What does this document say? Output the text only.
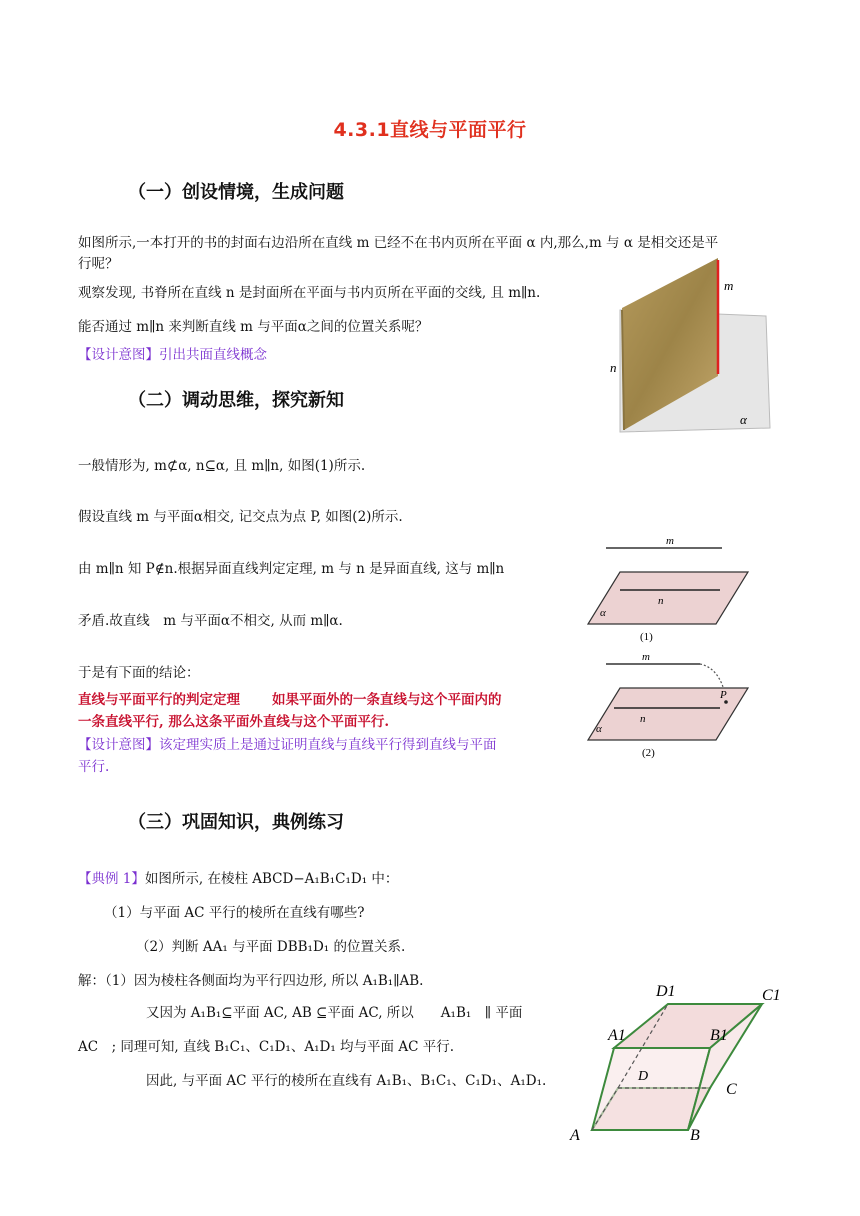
4.3.1直线与平面平行
（一）创设情境，生成问题
如图所示,一本打开的书的封面右边沿所在直线 m 已经不在书内页所在平面 α 内,那么,m 与 α 是相交还是平
行呢？
观察发现, 书脊所在直线 n 是封面所在平面与书内页所在平面的交线, 且 m∥n.
能否通过 m∥n 来判断直线 m 与平面α之间的位置关系呢？
【设计意图】引出共面直线概念
m
n
α
（二）调动思维，探究新知
一般情形为, m⊄α, n⊆α, 且 m∥n, 如图(1)所示.
假设直线 m 与平面α相交, 记交点为点 P, 如图(2)所示.
由 m∥n 知 P∉n.根据异面直线判定定理, m 与 n 是异面直线, 这与 m∥n
矛盾.故直线　m 与平面α不相交, 从而 m∥α.
于是有下面的结论：
直线与平面平行的判定定理 如果平面外的一条直线与这个平面内的
一条直线平行, 那么这条平面外直线与这个平面平行.
【设计意图】该定理实质上是通过证明直线与直线平行得到直线与平面
平行.
m
n
α
(1)
m
P
n
α
(2)
（三）巩固知识，典例练习
【典例 1】如图所示, 在棱柱 ABCD−A₁B₁C₁D₁ 中：
（1）与平面 AC 平行的棱所在直线有哪些?
（2）判断 AA₁ 与平面 DBB₁D₁ 的位置关系.
解：（1）因为棱柱各侧面均为平行四边形, 所以 A₁B₁∥AB.
又因为 A₁B₁⊆平面 AC, AB ⊆平面 AC, 所以　　A₁B₁　∥ 平面
AC　; 同理可知, 直线 B₁C₁、C₁D₁、A₁D₁ 均与平面 AC 平行.
因此, 与平面 AC 平行的棱所在直线有 A₁B₁、B₁C₁、C₁D₁、A₁D₁.
A	B
C
D
A1	B1
C1
D1
